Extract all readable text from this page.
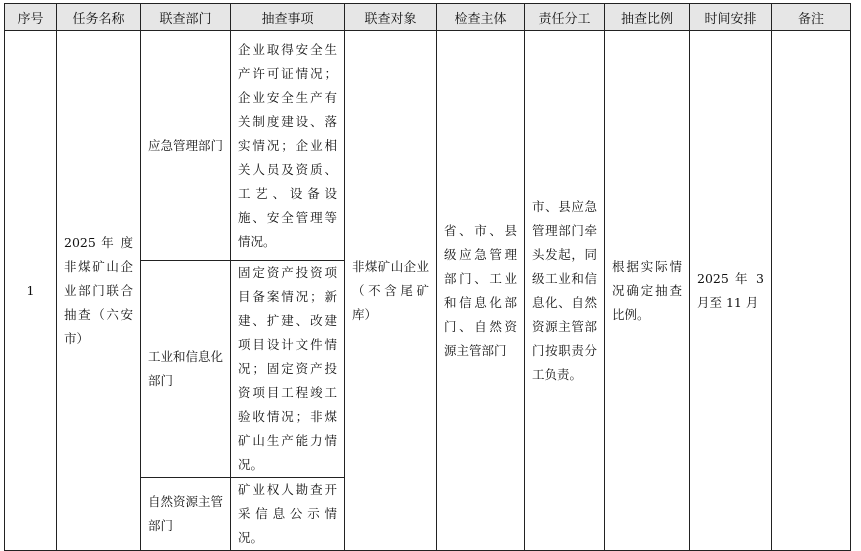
序号	任务名称	联查部门	抽查事项	联查对象	检查主体	责任分工	抽查比例	时间安排	备注
1	2025 年 度非煤矿山企业部门联合抽查（六安市）	应急管理部门	企业取得安全生产许可证情况；企业安全生产有关制度建设、落实情况；企业相关人员及资质、工艺、设备设施、安全管理等情况。	非煤矿山企业（不含尾矿库）	省、市、县级应急管理部门、工业和信息化部门、自然资源主管部门	市、县应急管理部门牵头发起，同级工业和信息化、自然资源主管部门按职责分工负责。	根据实际情况确定抽查比例。	2025 年 3 月至 11 月	
		工业和信息化部门	固定资产投资项目备案情况；新建、扩建、改建项目设计文件情况；固定资产投资项目工程竣工验收情况；非煤矿山生产能力情况。						
		自然资源主管部门	矿业权人勘查开采信息公示情况。						
